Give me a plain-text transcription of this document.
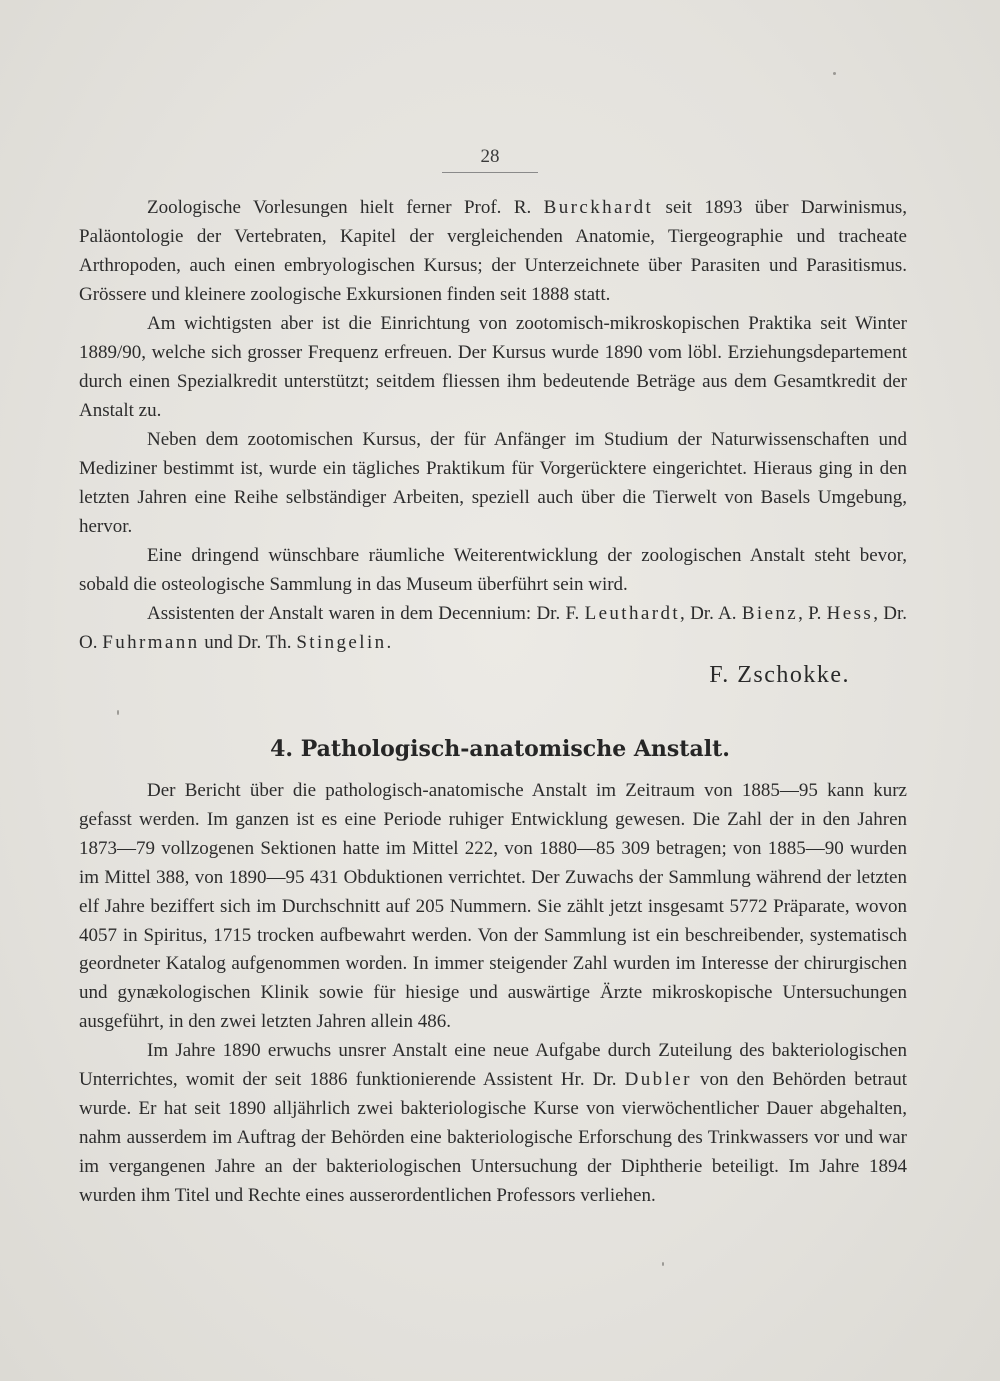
28

Zoologische Vorlesungen hielt ferner Prof. R. Burckhardt seit 1893 über Darwinismus, Paläontologie der Vertebraten, Kapitel der vergleichenden Anatomie, Tiergeographie und tracheate Arthropoden, auch einen embryologischen Kursus; der Unterzeichnete über Parasiten und Parasitismus. Grössere und kleinere zoologische Exkursionen finden seit 1888 statt.

Am wichtigsten aber ist die Einrichtung von zootomisch-mikroskopischen Praktika seit Winter 1889/90, welche sich grosser Frequenz erfreuen. Der Kursus wurde 1890 vom löbl. Erziehungsdepartement durch einen Spezialkredit unterstützt; seitdem fliessen ihm bedeutende Beträge aus dem Gesamtkredit der Anstalt zu.

Neben dem zootomischen Kursus, der für Anfänger im Studium der Naturwissenschaften und Mediziner bestimmt ist, wurde ein tägliches Praktikum für Vorgerücktere eingerichtet. Hieraus ging in den letzten Jahren eine Reihe selbständiger Arbeiten, speziell auch über die Tierwelt von Basels Umgebung, hervor.

Eine dringend wünschbare räumliche Weiterentwicklung der zoologischen Anstalt steht bevor, sobald die osteologische Sammlung in das Museum überführt sein wird.

Assistenten der Anstalt waren in dem Decennium: Dr. F. Leuthardt, Dr. A. Bienz, P. Hess, Dr. O. Fuhrmann und Dr. Th. Stingelin.

F. Zschokke.
4. Pathologisch-anatomische Anstalt.

Der Bericht über die pathologisch-anatomische Anstalt im Zeitraum von 1885—95 kann kurz gefasst werden. Im ganzen ist es eine Periode ruhiger Entwicklung gewesen. Die Zahl der in den Jahren 1873—79 vollzogenen Sektionen hatte im Mittel 222, von 1880—85 309 betragen; von 1885—90 wurden im Mittel 388, von 1890—95 431 Obduktionen verrichtet. Der Zuwachs der Sammlung während der letzten elf Jahre beziffert sich im Durchschnitt auf 205 Nummern. Sie zählt jetzt insgesamt 5772 Präparate, wovon 4057 in Spiritus, 1715 trocken aufbewahrt werden. Von der Sammlung ist ein beschreibender, systematisch geordneter Katalog aufgenommen worden. In immer steigender Zahl wurden im Interesse der chirurgischen und gynækologischen Klinik sowie für hiesige und auswärtige Ärzte mikroskopische Untersuchungen ausgeführt, in den zwei letzten Jahren allein 486.

Im Jahre 1890 erwuchs unsrer Anstalt eine neue Aufgabe durch Zuteilung des bakteriologischen Unterrichtes, womit der seit 1886 funktionierende Assistent Hr. Dr. Dubler von den Behörden betraut wurde. Er hat seit 1890 alljährlich zwei bakteriologische Kurse von vierwöchentlicher Dauer abgehalten, nahm ausserdem im Auftrag der Behörden eine bakteriologische Erforschung des Trinkwassers vor und war im vergangenen Jahre an der bakteriologischen Untersuchung der Diphtherie beteiligt. Im Jahre 1894 wurden ihm Titel und Rechte eines ausserordentlichen Professors verliehen.
